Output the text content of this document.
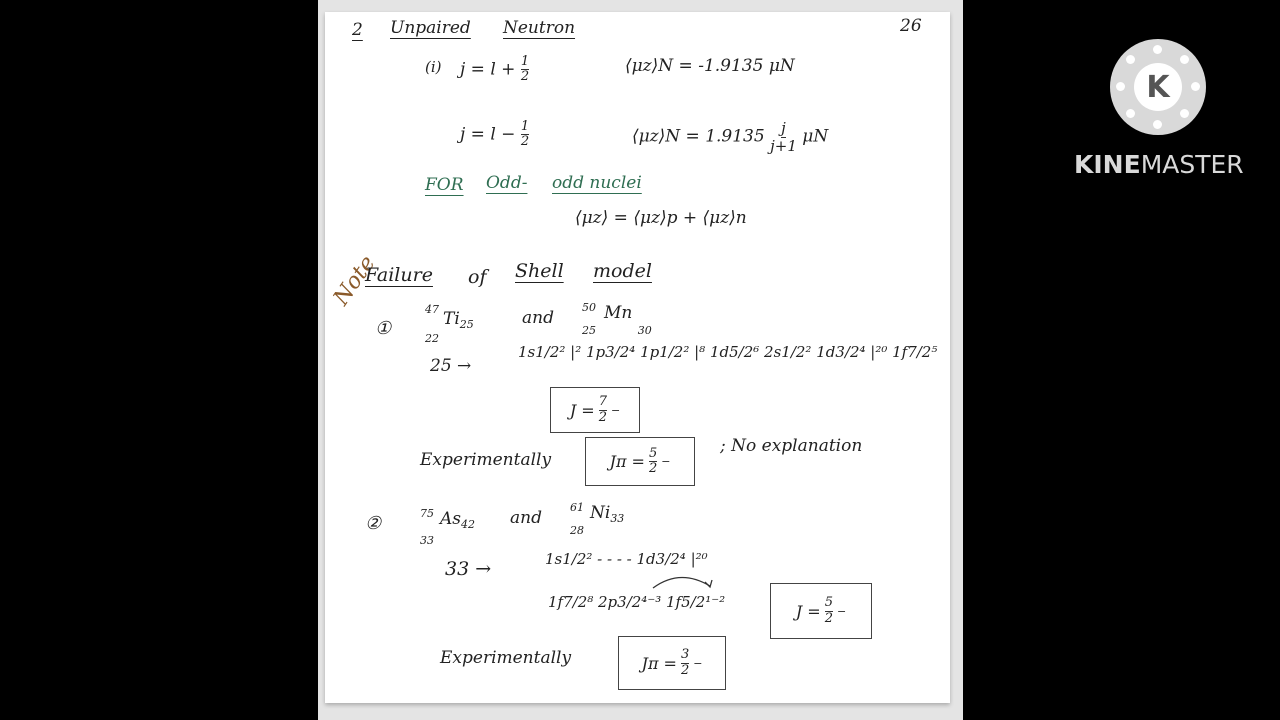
26
2 Unpaired Neutron
(i) $j = l + \frac{1}{2}$	⟨μz⟩N = -1.9135 μN
$j = l - \frac{1}{2}$	⟨μz⟩N = $1.9135 \frac{j}{j+1}$ μN
FOR Odd- odd nuclei
⟨μz⟩ = ⟨μz⟩p + ⟨μz⟩n
Note
Failure of Shell model
①
$^{47}_{22}Ti_{25}$	and
$^{50}_{25}$Mn $_{30}$
25 →
1s1/2² |² 1p3/2⁴ 1p1/2² |⁸ 1d5/2⁶ 2s1/2² 1d3/2⁴ |²⁰ 1f7/2⁵
$J = \frac{7}{2}$ −
Experimentally	$J\pi = \frac{5}{2}$ −
; No explanation
②	$^{75}_{33}As_{42}$ and
$^{61}_{28}Ni_{33}$
33 →	1s1/2² - - - - 1d3/2⁴ |²⁰
1f7/2⁸ 2p3/2⁴⁻³ 1f5/2¹⁻²	$J = \frac{5}{2}$ −
Experimentally	$J\pi = \frac{3}{2}$ −
K
KINEMASTER
